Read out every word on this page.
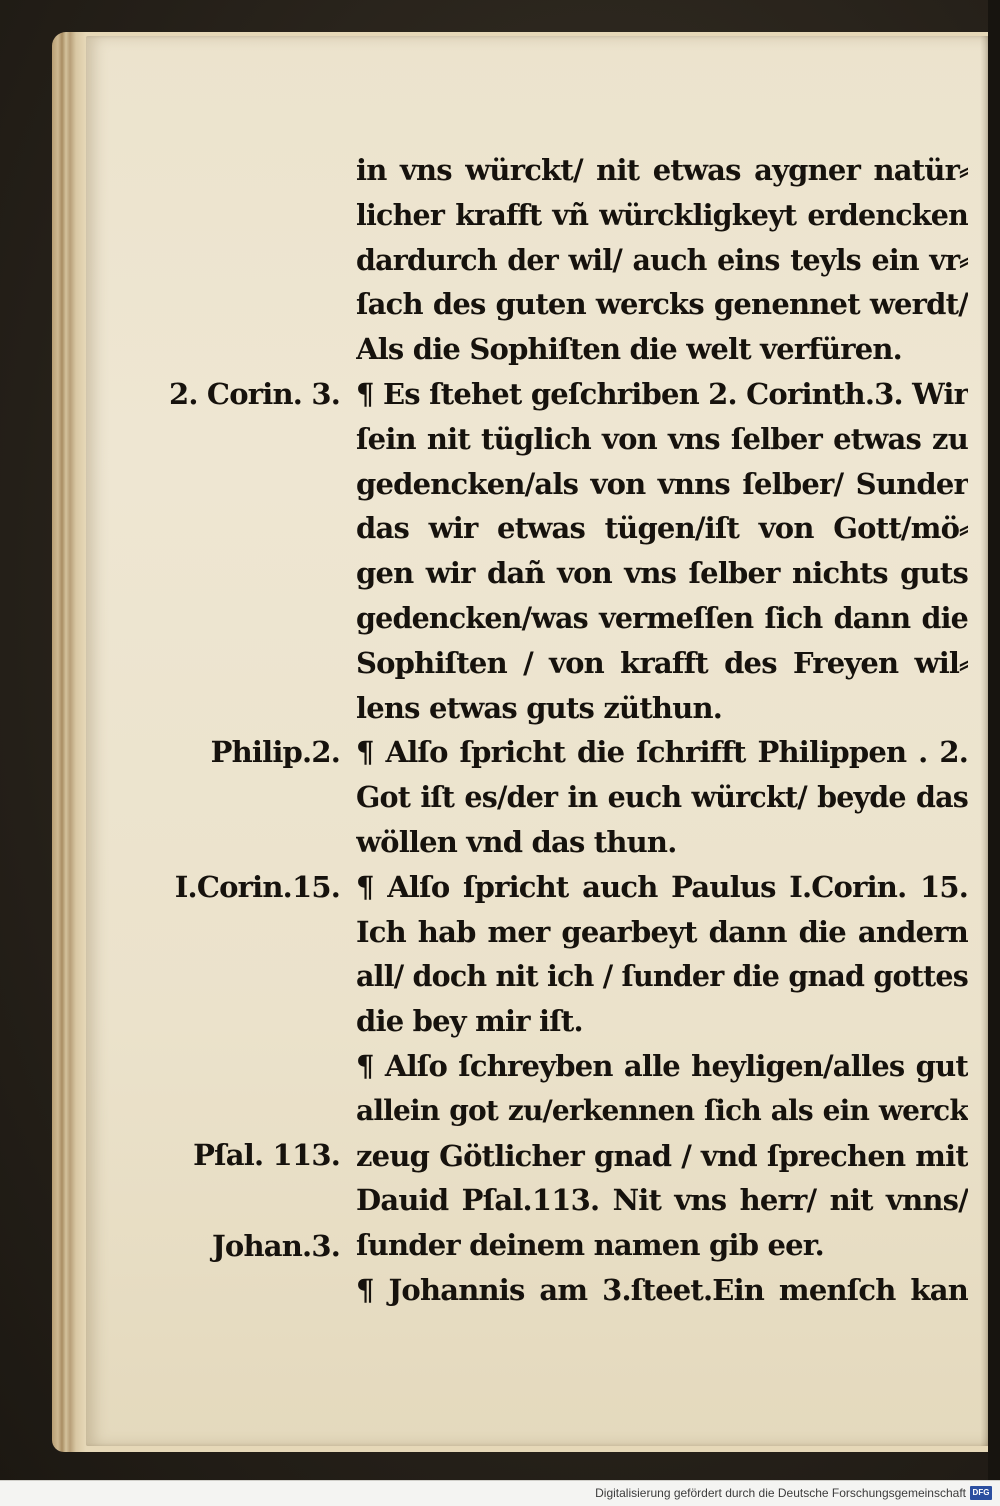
in vns würckt/ nit etwas aygner natür⸗
licher krafft vñ würckligkeyt erdencken
dardurch der wil/ auch eins teyls ein vr⸗
ſach des guten wercks genennet werdt/
Als die Sophiſten die welt verfüren.
¶ Es ſtehet geſchriben 2. Corinth.3. Wir
ſein nit tüglich von vns ſelber etwas zu
gedencken/als von vnns ſelber/ Sunder
das wir etwas tügen/iſt von Gott/mö⸗
gen wir dañ von vns ſelber nichts guts
gedencken/was vermeſſen ſich dann die
Sophiſten / von krafft des Freyen wil⸗
lens etwas guts züthun.
¶ Alſo ſpricht die ſchrifft Philippen . 2.
Got iſt es/der in euch würckt/ beyde das
wöllen vnd das thun.
¶ Alſo ſpricht auch Paulus I.Corin. 15.
Ich hab mer gearbeyt dann die andern
all/ doch nit ich / ſunder die gnad gottes
die bey mir iſt.
¶ Alſo ſchreyben alle heyligen/alles gut
allein got zu/erkennen ſich als ein werck
zeug Götlicher gnad / vnd ſprechen mit
Dauid Pſal.113. Nit vns herr/ nit vnns/
ſunder deinem namen gib eer.
¶ Johannis am 3.ſteet.Ein menſch kan
2. Corin. 3.
Philip.2.
I.Corin.15.
Pſal. 113.
Johan.3.
Digitalisierung gefördert durch die Deutsche Forschungsgemeinschaft DFG
